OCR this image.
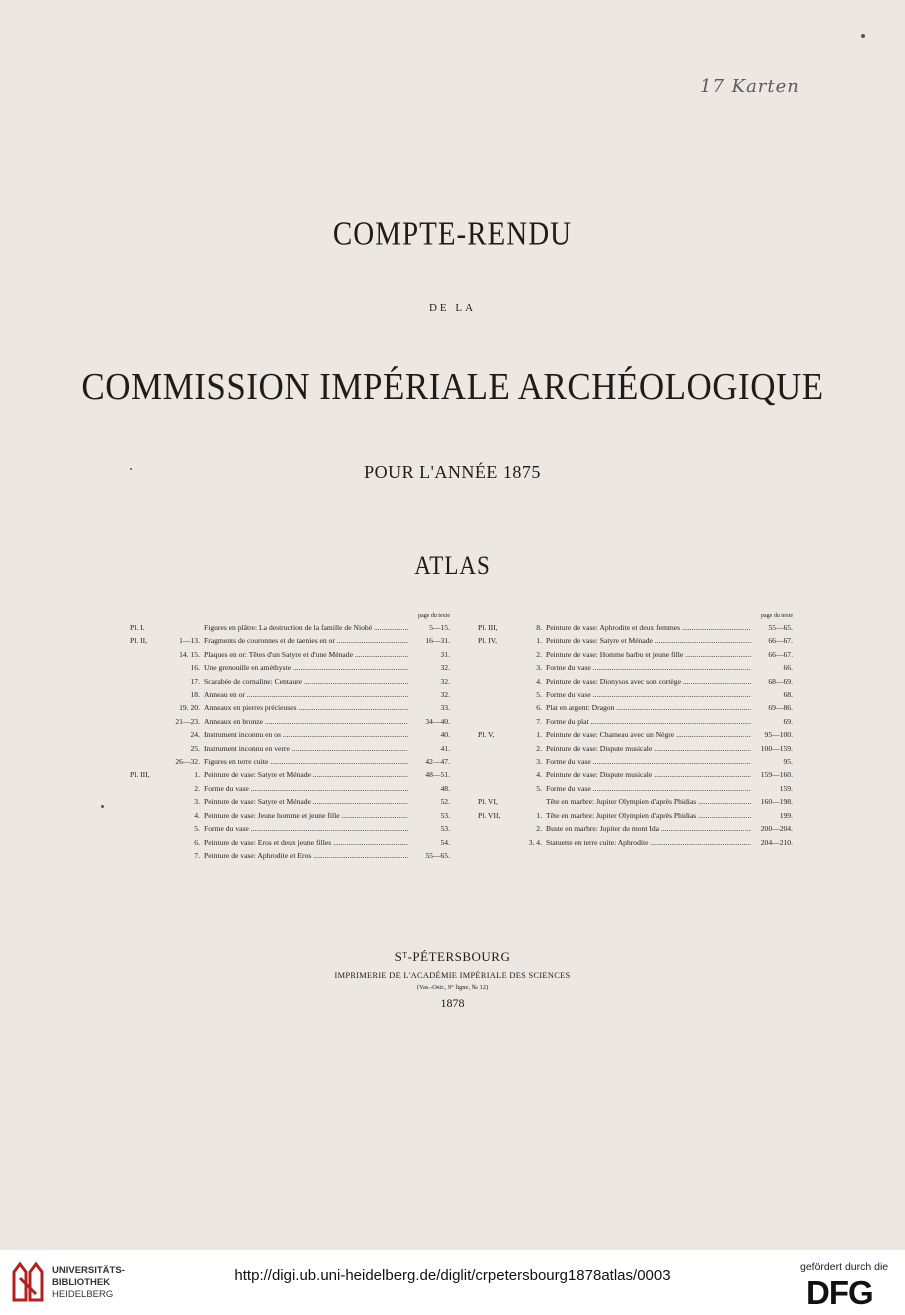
17 Karten
COMPTE-RENDU
DE LA
COMMISSION IMPÉRIALE ARCHÉOLOGIQUE
POUR L'ANNÉE 1875
ATLAS
page du texte
Pl. I.	Figures en plâtre: La destruction de la famille de Niobé .....	5—15.
Pl. II,	1—13. Fragments de couronnes et de taenies en or .....	16—31.
14. 15. Plaques en or: Têtes d'un Satyre et d'une Ménade .....	31.
16. Une grenouille en améthyste .....	32.
17. Scarabée de cornaline: Centaure .....	32.
18. Anneau en or .....	32.
19. 20. Anneaux en pierres précieuses .....	33.
21—23. Anneaux en bronze .....	34—40.
24. Instrument inconnu en os .....	40.
25. Instrument inconnu en verre .....	41.
26—32. Figures en terre cuite .....	42—47.
Pl. III,	1. Peinture de vase: Satyre et Ménade .....	48—51.
2. Forme du vase .....	48.
3. Peinture de vase: Satyre et Ménade .....	52.
4. Peinture de vase: Jeune homme et jeune fille .....	53.
5. Forme du vase .....	53.
6. Peinture de vase: Eros et deux jeune filles .....	54.
7. Peinture de vase: Aphrodite et Eros .....	55—65.
page du texte
Pl. III,	8. Peinture de vase: Aphrodite et deux femmes .....	55—65.
Pl. IV,	1. Peinture de vase: Satyre et Ménade .....	66—67.
2. Peinture de vase: Homme barbu et jeune fille .....	66—67.
3. Forme du vase .....	66.
4. Peinture de vase: Dionysos avec son cortège .....	68—69.
5. Forme du vase .....	68.
6. Plat en argent: Dragon .....	69—86.
7. Forme du plat .....	69.
Pl. V,	1. Peinture de vase: Chameau avec un Nègre .....	95—100.
2. Peinture de vase: Dispute musicale .....	100—159.
3. Forme du vase .....	95.
4. Peinture de vase: Dispute musicale .....	159—160.
5. Forme du vase .....	159.
Pl. VI,	Tête en marbre: Jupiter Olympien d'après Phidias .....	160—198.
Pl. VII,	1. Tête en marbre: Jupiter Olympien d'après Phidias .....	199.
2. Buste en marbre: Jupiter du mont Ida .....	200—204.
3. 4. Statuette en terre cuite: Aphrodite .....	204—210.
Sᵀ-PÉTERSBOURG
IMPRIMERIE DE L'ACADÉMIE IMPÉRIALE DES SCIENCES
(Vas.-Ostr., 9° ligne, № 12)
1878
UNIVERSITÄTS-
BIBLIOTHEK
HEIDELBERG
http://digi.ub.uni-heidelberg.de/diglit/crpetersbourg1878atlas/0003	gefördert durch die
DFG
